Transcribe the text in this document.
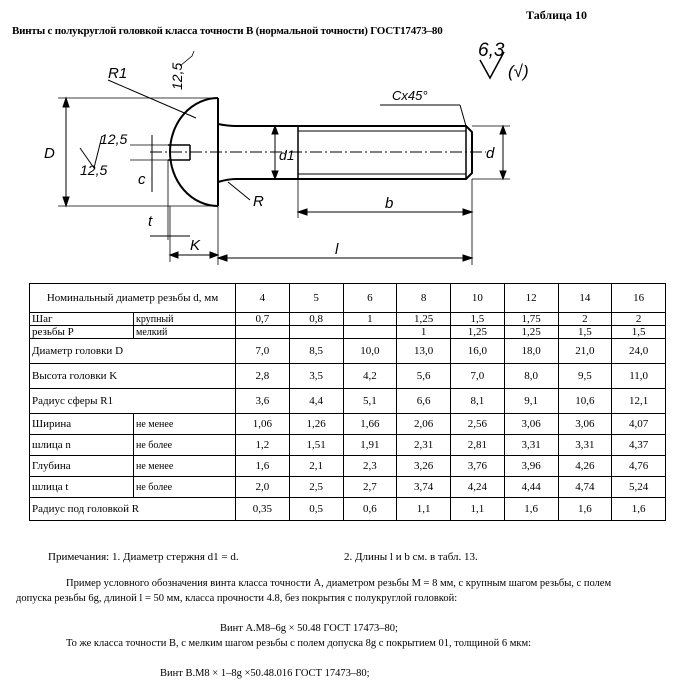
Таблица 10
Винты с полукруглой головкой класса точности В (нормальной точности) ГОСТ17473–80
R1	12,5
D	d1	d
12,5
12,5
c
R	b
t
K	l
Cx45°
6,3
(√)
Номинальный диаметр резьбы d, мм		4	5	6	8	10	12	14	16
Шаг	крупный	0,7	0,8	1	1,25	1,5	1,75	2	2
резьбы P	мелкий				1	1,25	1,25	1,5	1,5
Диаметр головки D		7,0	8,5	10,0	13,0	16,0	18,0	21,0	24,0
Высота головки K		2,8	3,5	4,2	5,6	7,0	8,0	9,5	11,0
Радиус сферы R1		3,6	4,4	5,1	6,6	8,1	9,1	10,6	12,1
Ширина	не менее	1,06	1,26	1,66	2,06	2,56	3,06	3,06	4,07
шлица n	не более	1,2	1,51	1,91	2,31	2,81	3,31	3,31	4,37
Глубина	не менее	1,6	2,1	2,3	3,26	3,76	3,96	4,26	4,76
шлица t	не более	2,0	2,5	2,7	3,74	4,24	4,44	4,74	5,24
Радиус под головкой R		0,35	0,5	0,6	1,1	1,1	1,6	1,6	1,6
Примечания: 1. Диаметр стержня d1 = d.	2. Длины l и b см. в табл. 13.
Пример условного обозначения винта класса точности А, диаметром резьбы М = 8 мм, с крупным шагом резьбы, с полем допуска резьбы 6g, длиной l = 50 мм, класса прочности 4.8, без покрытия с полукруглой головкой:
Винт А.М8–6g × 50.48 ГОСТ 17473–80;
То же класса точности В, с мелким шагом резьбы с полем допуска 8g с покрытием 01, толщиной 6 мкм:
Винт В.М8 × 1–8g ×50.48.016 ГОСТ 17473–80;
